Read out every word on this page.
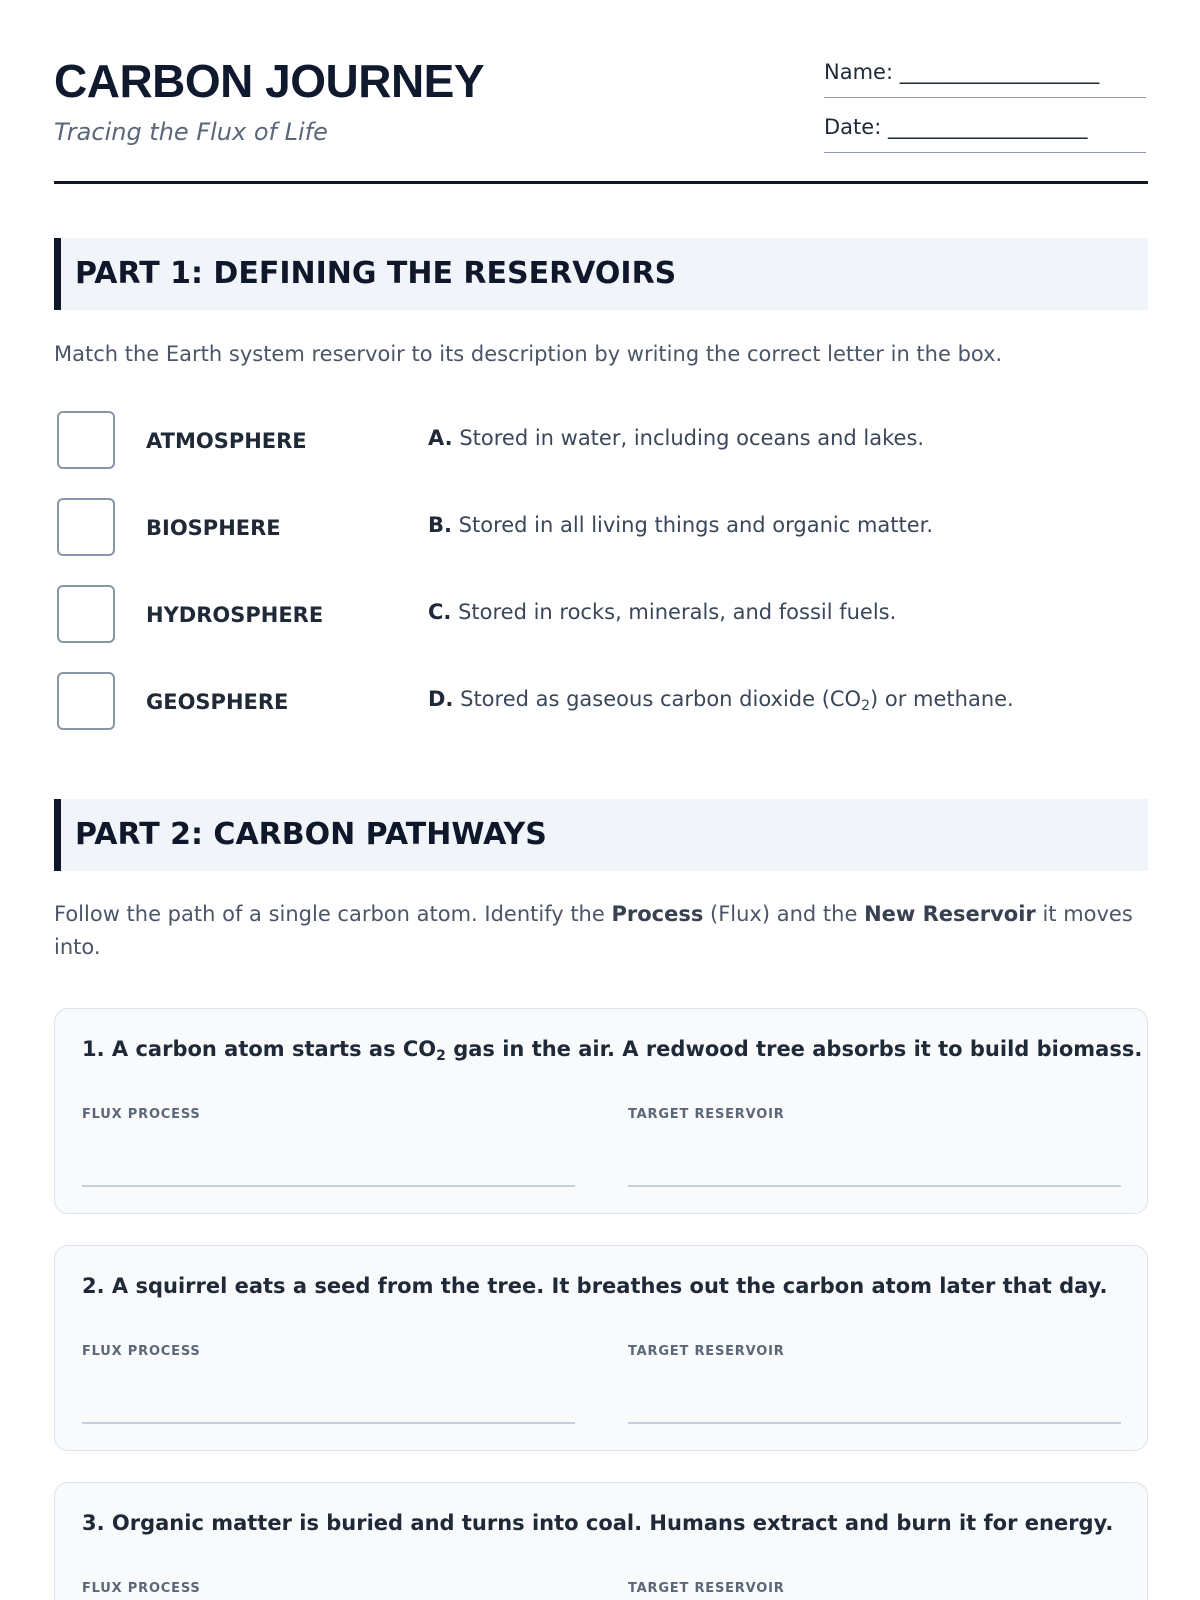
CARBON JOURNEY
Tracing the Flux of Life
Name: ___________________
Date: ___________________
PART 1: DEFINING THE RESERVOIRS
Match the Earth system reservoir to its description by writing the correct letter in the box.
ATMOSPHERE	A. Stored in water, including oceans and lakes.
BIOSPHERE	B. Stored in all living things and organic matter.
HYDROSPHERE	C. Stored in rocks, minerals, and fossil fuels.
GEOSPHERE	D. Stored as gaseous carbon dioxide $(CO_2)$ or methane.
PART 2: CARBON PATHWAYS
Follow the path of a single carbon atom. Identify the Process (Flux) and the New Reservoir it moves into.
1. A carbon atom starts as $CO_2$ gas in the air. A redwood tree absorbs it to build biomass.
FLUX PROCESS	TARGET RESERVOIR
2. A squirrel eats a seed from the tree. It breathes out the carbon atom later that day.
FLUX PROCESS	TARGET RESERVOIR
3. Organic matter is buried and turns into coal. Humans extract and burn it for energy.
FLUX PROCESS	TARGET RESERVOIR
